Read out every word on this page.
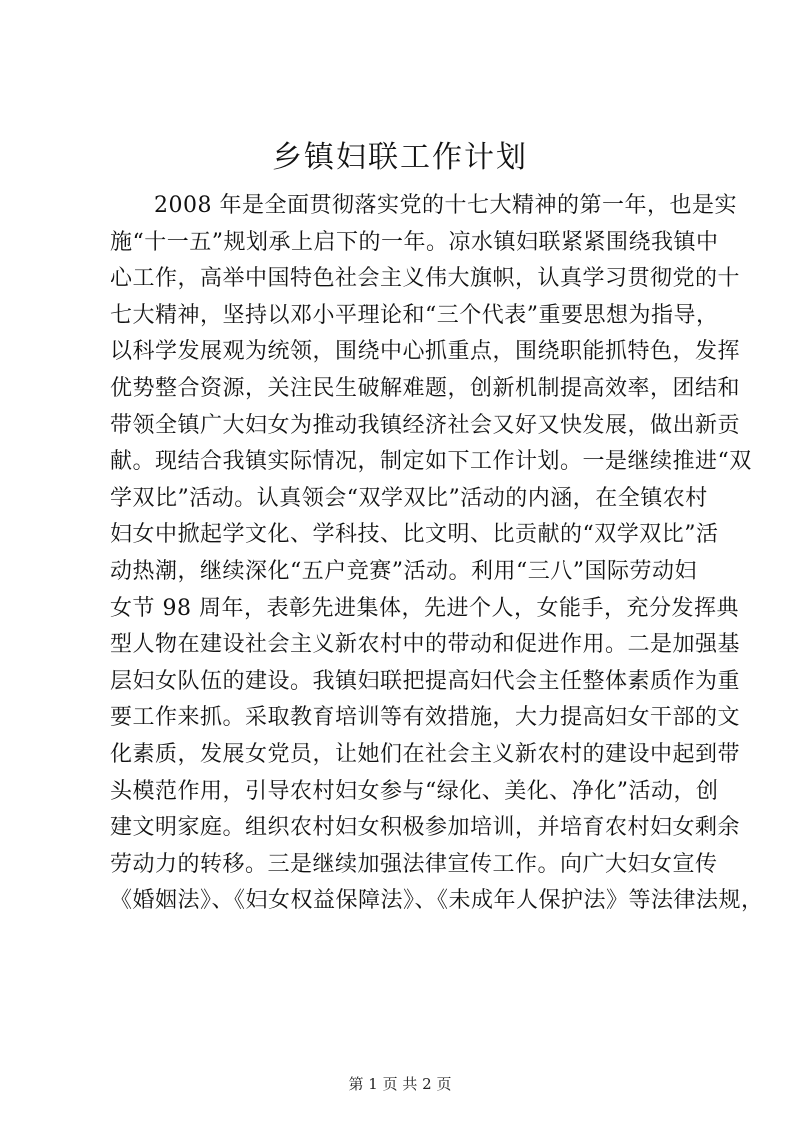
乡镇妇联工作计划
2008 年是全面贯彻落实党的十七大精神的第一年，也是实
施“十一五”规划承上启下的一年。凉水镇妇联紧紧围绕我镇中
心工作，高举中国特色社会主义伟大旗帜，认真学习贯彻党的十
七大精神，坚持以邓小平理论和“三个代表”重要思想为指导，
以科学发展观为统领，围绕中心抓重点，围绕职能抓特色，发挥
优势整合资源，关注民生破解难题，创新机制提高效率，团结和
带领全镇广大妇女为推动我镇经济社会又好又快发展，做出新贡
献。现结合我镇实际情况，制定如下工作计划。一是继续推进“双
学双比”活动。认真领会“双学双比”活动的内涵，在全镇农村
妇女中掀起学文化、学科技、比文明、比贡献的“双学双比”活
动热潮，继续深化“五户竞赛”活动。利用“三八”国际劳动妇
女节 98 周年，表彰先进集体，先进个人，女能手，充分发挥典
型人物在建设社会主义新农村中的带动和促进作用。二是加强基
层妇女队伍的建设。我镇妇联把提高妇代会主任整体素质作为重
要工作来抓。采取教育培训等有效措施，大力提高妇女干部的文
化素质，发展女党员，让她们在社会主义新农村的建设中起到带
头模范作用，引导农村妇女参与“绿化、美化、净化”活动，创
建文明家庭。组织农村妇女积极参加培训，并培育农村妇女剩余
劳动力的转移。三是继续加强法律宣传工作。向广大妇女宣传
《婚姻法》、《妇女权益保障法》、《未成年人保护法》等法律法规，
第 1 页 共 2 页
